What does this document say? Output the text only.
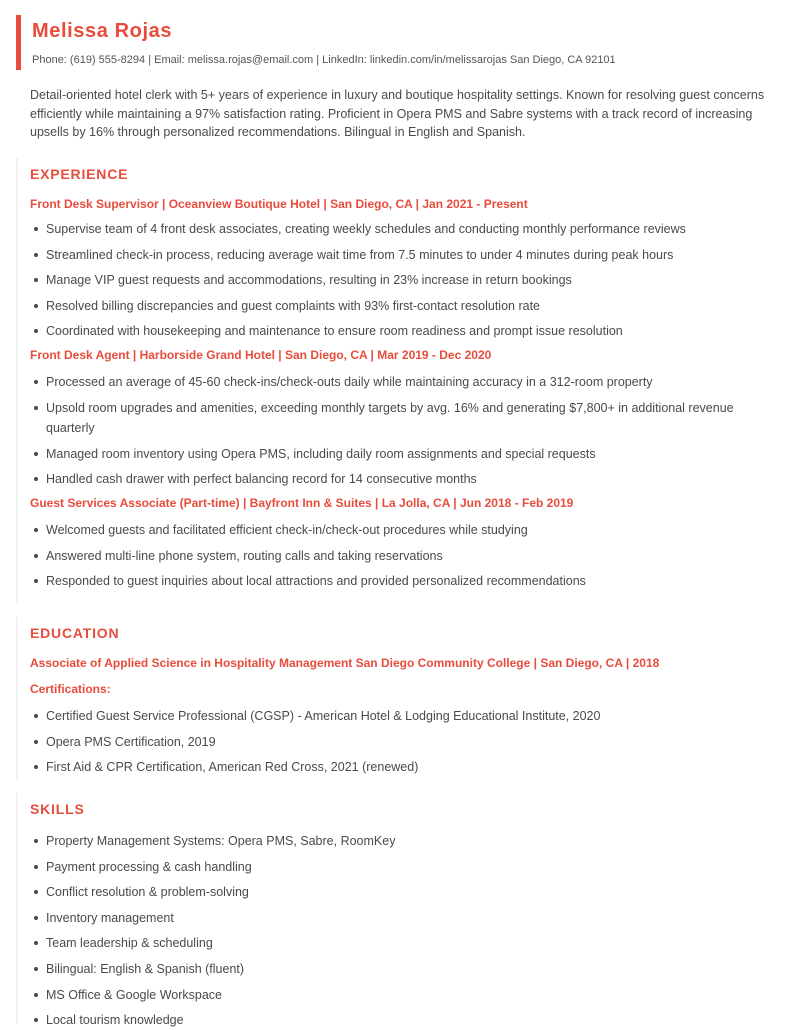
Melissa Rojas
Phone: (619) 555-8294 | Email: melissa.rojas@email.com | LinkedIn: linkedin.com/in/melissarojas San Diego, CA 92101

Detail-oriented hotel clerk with 5+ years of experience in luxury and boutique hospitality settings. Known for resolving guest concerns efficiently while maintaining a 97% satisfaction rating. Proficient in Opera PMS and Sabre systems with a track record of increasing upsells by 16% through personalized recommendations. Bilingual in English and Spanish.

EXPERIENCE
Front Desk Supervisor | Oceanview Boutique Hotel | San Diego, CA | Jan 2021 - Present
Supervise team of 4 front desk associates, creating weekly schedules and conducting monthly performance reviews
Streamlined check-in process, reducing average wait time from 7.5 minutes to under 4 minutes during peak hours
Manage VIP guest requests and accommodations, resulting in 23% increase in return bookings
Resolved billing discrepancies and guest complaints with 93% first-contact resolution rate
Coordinated with housekeeping and maintenance to ensure room readiness and prompt issue resolution
Front Desk Agent | Harborside Grand Hotel | San Diego, CA | Mar 2019 - Dec 2020
Processed an average of 45-60 check-ins/check-outs daily while maintaining accuracy in a 312-room property
Upsold room upgrades and amenities, exceeding monthly targets by avg. 16% and generating $7,800+ in additional revenue quarterly
Managed room inventory using Opera PMS, including daily room assignments and special requests
Handled cash drawer with perfect balancing record for 14 consecutive months
Guest Services Associate (Part-time) | Bayfront Inn & Suites | La Jolla, CA | Jun 2018 - Feb 2019
Welcomed guests and facilitated efficient check-in/check-out procedures while studying
Answered multi-line phone system, routing calls and taking reservations
Responded to guest inquiries about local attractions and provided personalized recommendations
EDUCATION
Associate of Applied Science in Hospitality Management San Diego Community College | San Diego, CA | 2018
Certifications:
Certified Guest Service Professional (CGSP) - American Hotel & Lodging Educational Institute, 2020
Opera PMS Certification, 2019
First Aid & CPR Certification, American Red Cross, 2021 (renewed)
SKILLS
Property Management Systems: Opera PMS, Sabre, RoomKey
Payment processing & cash handling
Conflict resolution & problem-solving
Inventory management
Team leadership & scheduling
Bilingual: English & Spanish (fluent)
MS Office & Google Workspace
Local tourism knowledge
